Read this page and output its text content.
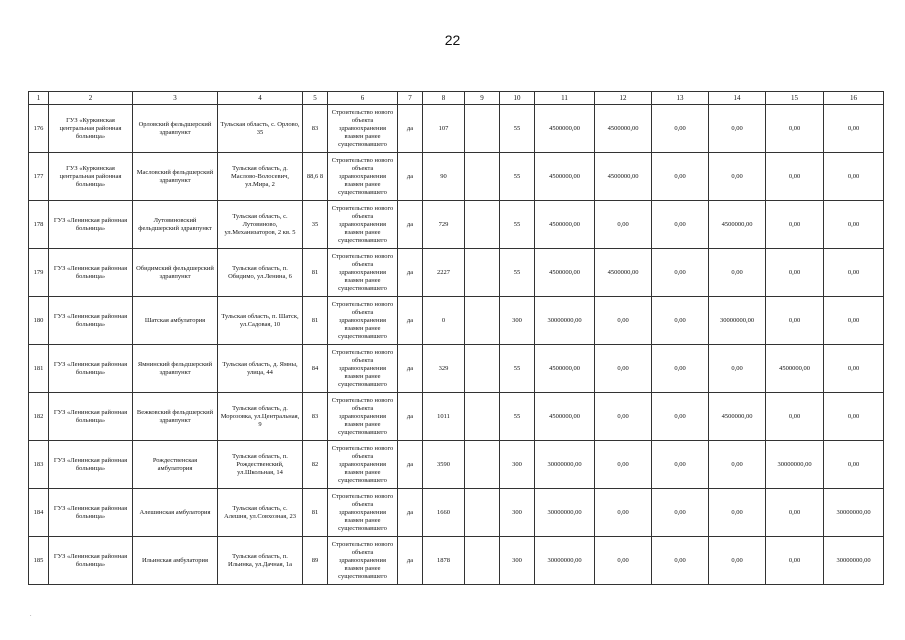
22
1	2	3	4	5	6	7	8	9	10	11	12	13	14	15	16
176	ГУЗ «Куркинская центральная районная больница»	Орловский фельдшерский здравпункт	Тульская область, с. Орлово, 35	83	Строительство нового объекта здравоохранения взамен ранее существовавшего	да	107		55	4500000,00	4500000,00	0,00	0,00	0,00	0,00
177	ГУЗ «Куркинская центральная районная больница»	Масловский фельдшерский здравпункт	Тульская область, д. Маслово-Волосевич, ул.Мира, 2	88,6 8	Строительство нового объекта здравоохранения взамен ранее существовавшего	да	90		55	4500000,00	4500000,00	0,00	0,00	0,00	0,00
178	ГУЗ «Ленинская районная больница»	Лутовиновский фельдшерский здравпункт	Тульская область, с. Лутовиново, ул.Механизаторов, 2 кв. 5	35	Строительство нового объекта здравоохранения взамен ранее существовавшего	да	729		55	4500000,00	0,00	0,00	4500000,00	0,00	0,00
179	ГУЗ «Ленинская районная больница»	Обидимский фельдшерский здравпункт	Тульская область, п. Обидимо, ул.Ленина, 6	81	Строительство нового объекта здравоохранения взамен ранее существовавшего	да	2227		55	4500000,00	4500000,00	0,00	0,00	0,00	0,00
180	ГУЗ «Ленинская районная больница»	Шатская амбулатория	Тульская область, п. Шатск, ул.Садовая, 10	81	Строительство нового объекта здравоохранения взамен ранее существовавшего	да	0		300	30000000,00	0,00	0,00	30000000,00	0,00	0,00
181	ГУЗ «Ленинская районная больница»	Ямнинский фельдшерский здравпункт	Тульская область, д. Ямны, улица, 44	84	Строительство нового объекта здравоохранения взамен ранее существовавшего	да	329		55	4500000,00	0,00	0,00	0,00	4500000,00	0,00
182	ГУЗ «Ленинская районная больница»	Вежковский фельдшерский здравпункт	Тульская область, д. Морозовка, ул.Центральная, 9	83	Строительство нового объекта здравоохранения взамен ранее существовавшего	да	1011		55	4500000,00	0,00	0,00	4500000,00	0,00	0,00
183	ГУЗ «Ленинская районная больница»	Рождественская амбулатория	Тульская область, п. Рождественский, ул.Школьная, 14	82	Строительство нового объекта здравоохранения взамен ранее существовавшего	да	3590		300	30000000,00	0,00	0,00	0,00	30000000,00	0,00
184	ГУЗ «Ленинская районная больница»	Алешинская амбулатория	Тульская область, с. Алешня, ул.Совхозная, 23	81	Строительство нового объекта здравоохранения взамен ранее существовавшего	да	1660		300	30000000,00	0,00	0,00	0,00	0,00	30000000,00
185	ГУЗ «Ленинская районная больница»	Ильинская амбулатория	Тульская область, п. Ильинка, ул.Дачная, 1а	89	Строительство нового объекта здравоохранения взамен ранее существовавшего	да	1878		300	30000000,00	0,00	0,00	0,00	0,00	30000000,00
.
